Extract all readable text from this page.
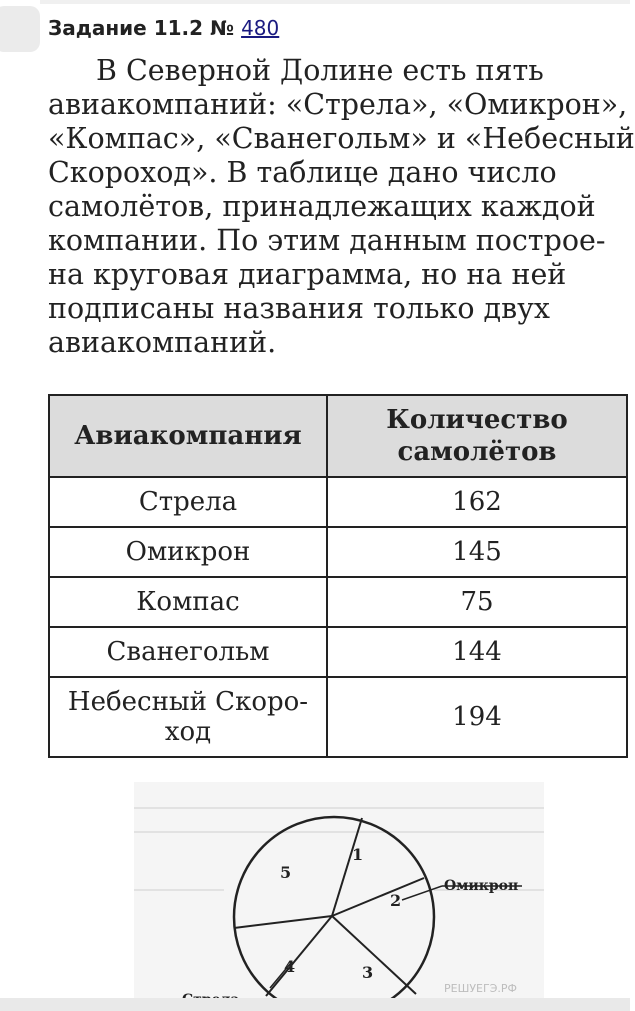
Задание 11.2 № 480
В Северной Долине есть пять
авиакомпаний: «Стрела», «Омикрон»,
«Компас», «Сванегольм» и «Небесный
Скороход». В таблице дано число
самолётов, принадлежащих каждой
компании. По этим данным построе-
на круговая диаграмма, но на ней
подписаны названия только двух
авиакомпаний.
Авиакомпания	Количество самолётов
Стрела	162
Омикрон	145
Компас	75
Сванегольм	144
Небесный Скоро-ход	194
1
2
3
4
5
Омикрон
РЕШУЕГЭ.РФ
